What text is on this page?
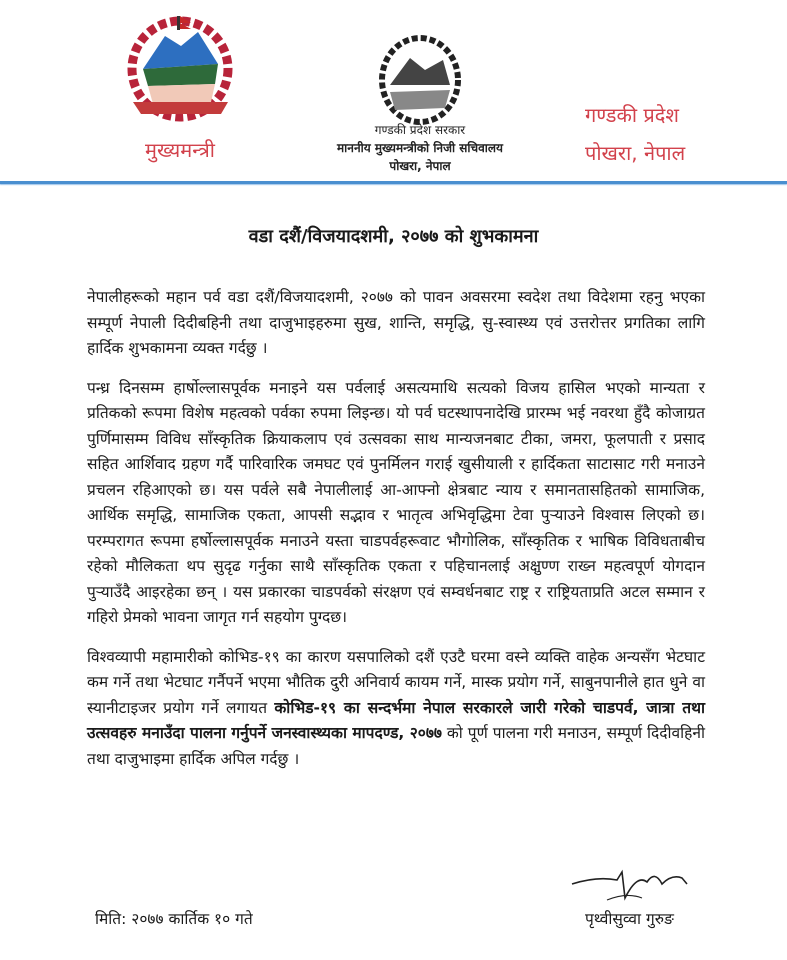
मुख्यमन्त्री
गण्डकी प्रदेश सरकार
माननीय मुख्यमन्त्रीको निजी सचिवालय
पोखरा, नेपाल
गण्डकी प्रदेश
पोखरा, नेपाल
वडा दशैं/विजयादशमी, २०७७ को शुभकामना

नेपालीहरूको महान पर्व वडा दशैं/विजयादशमी, २०७७ को पावन अवसरमा स्वदेश तथा विदेशमा रहनु भएका सम्पूर्ण नेपाली दिदीबहिनी तथा दाजुभाइहरुमा सुख, शान्ति, समृद्धि, सु-स्वास्थ्य एवं उत्तरोत्तर प्रगतिका लागि हार्दिक शुभकामना व्यक्त गर्दछु ।

पन्ध्र दिनसम्म हार्षोल्लासपूर्वक मनाइने यस पर्वलाई असत्यमाथि सत्यको विजय हासिल भएको मान्यता र प्रतिकको रूपमा विशेष महत्वको पर्वका रुपमा लिइन्छ। यो पर्व घटस्थापनादेखि प्रारम्भ भई नवरथा हुँदै कोजाग्रत पुर्णिमासम्म विविध साँस्कृतिक क्रियाकलाप एवं उत्सवका साथ मान्यजनबाट टीका, जमरा, फूलपाती र प्रसाद सहित आर्शिवाद ग्रहण गर्दै पारिवारिक जमघट एवं पुनर्मिलन गराई खुसीयाली र हार्दिकता साटासाट गरी मनाउने प्रचलन रहिआएको छ। यस पर्वले सबै नेपालीलाई आ-आफ्नो क्षेत्रबाट न्याय र समानतासहितको सामाजिक, आर्थिक समृद्धि, सामाजिक एकता, आपसी सद्भाव र भातृत्व अभिवृद्धिमा टेवा पुऱ्याउने विश्वास लिएको छ। परम्परागत रूपमा हर्षोल्लासपूर्वक मनाउने यस्ता चाडपर्वहरूवाट भौगोलिक, साँस्कृतिक र भाषिक विविधताबीच रहेको मौलिकता थप सुदृढ गर्नुका साथै साँस्कृतिक एकता र पहिचानलाई अक्षुण्ण राख्न महत्वपूर्ण योगदान पुऱ्याउँदै आइरहेका छन् । यस प्रकारका चाडपर्वको संरक्षण एवं सम्वर्धनबाट राष्ट्र र राष्ट्रियताप्रति अटल सम्मान र गहिरो प्रेमको भावना जागृत गर्न सहयोग पुग्दछ।

विश्वव्यापी महामारीको कोभिड-१९ का कारण यसपालिको दशैं एउटै घरमा वस्ने व्यक्ति वाहेक अन्यसँग भेटघाट कम गर्ने तथा भेटघाट गर्नैपर्ने भएमा भौतिक दुरी अनिवार्य कायम गर्ने, मास्क प्रयोग गर्ने, साबुनपानीले हात धुने वा स्यानीटाइजर प्रयोग गर्ने लगायत कोभिड-१९ का सन्दर्भमा नेपाल सरकारले जारी गरेको चाडपर्व, जात्रा तथा उत्सवहरु मनाउँदा पालना गर्नुपर्ने जनस्वास्थ्यका मापदण्ड, २०७७ को पूर्ण पालना गरी मनाउन, सम्पूर्ण दिदीवहिनी तथा दाजुभाइमा हार्दिक अपिल गर्दछु ।

मिति: २०७७ कार्तिक १० गते	पृथ्वीसुव्वा गुरुङ
